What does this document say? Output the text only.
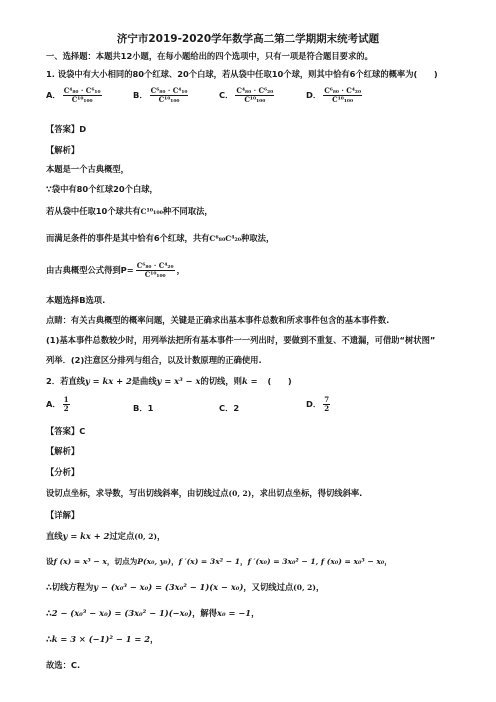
济宁市2019-2020学年数学高二第二学期期末统考试题
一、选择题：本题共12小题，在每小题给出的四个选项中，只有一项是符合题目要求的。
1. 设袋中有大小相同的80个红球、20个白球，若从袋中任取10个球，则其中恰有6个红球的概率为(　　)
A． $\frac{\text{C⁴₈₀ · C⁶₁₀}}{\text{C¹⁰₁₀₀}}$	B． $\frac{\text{C⁶₈₀ · C⁴₁₀}}{\text{C¹⁰₁₀₀}}$	C． $\frac{\text{C⁴₈₀ · C⁶₂₀}}{\text{C¹⁰₁₀₀}}$	D． $\frac{\text{C⁶₈₀ · C⁴₂₀}}{\text{C¹⁰₁₀₀}}$
【答案】D
【解析】
本题是一个古典概型，
∵袋中有80个红球20个白球，
若从袋中任取10个球共有C¹⁰₁₀₀种不同取法，
而满足条件的事件是其中恰有6个红球，共有C⁶₈₀C⁴₂₀种取法，
由古典概型公式得到$P= \frac{\text{C⁶₈₀ · C⁴₂₀}}{\text{C¹⁰₁₀₀}}$ ，
本题选择B选项.
点睛：有关古典概型的概率问题，关键是正确求出基本事件总数和所求事件包含的基本事件数.
(1)基本事件总数较少时，用列举法把所有基本事件一一列出时，要做到不重复、不遗漏，可借助“树状图”
列举．(2)注意区分排列与组合，以及计数原理的正确使用.
2．若直线y = kx + 2是曲线y = x³ − x的切线，则k = (　　)
A． $\frac{1}{2}$	B．1	C．2	D． $\frac{7}{2}$
【答案】C
【解析】
【分析】
设切点坐标，求导数，写出切线斜率，由切线过点(0, 2)，求出切点坐标，得切线斜率.
【详解】
直线y = kx + 2过定点(0, 2)，
设f (x) = x³ − x，切点为P(x₀, y₀)，f ′(x) = 3x² − 1，f ′(x₀) = 3x₀² − 1, f (x₀) = x₀³ − x₀，
∴切线方程为y − (x₀³ − x₀) = (3x₀² − 1)(x − x₀)，又切线过点(0, 2)，
∴2 − (x₀³ − x₀) = (3x₀² − 1)(−x₀)，解得x₀ = −1，
∴k = 3 × (−1)² − 1 = 2，
故选：C.
